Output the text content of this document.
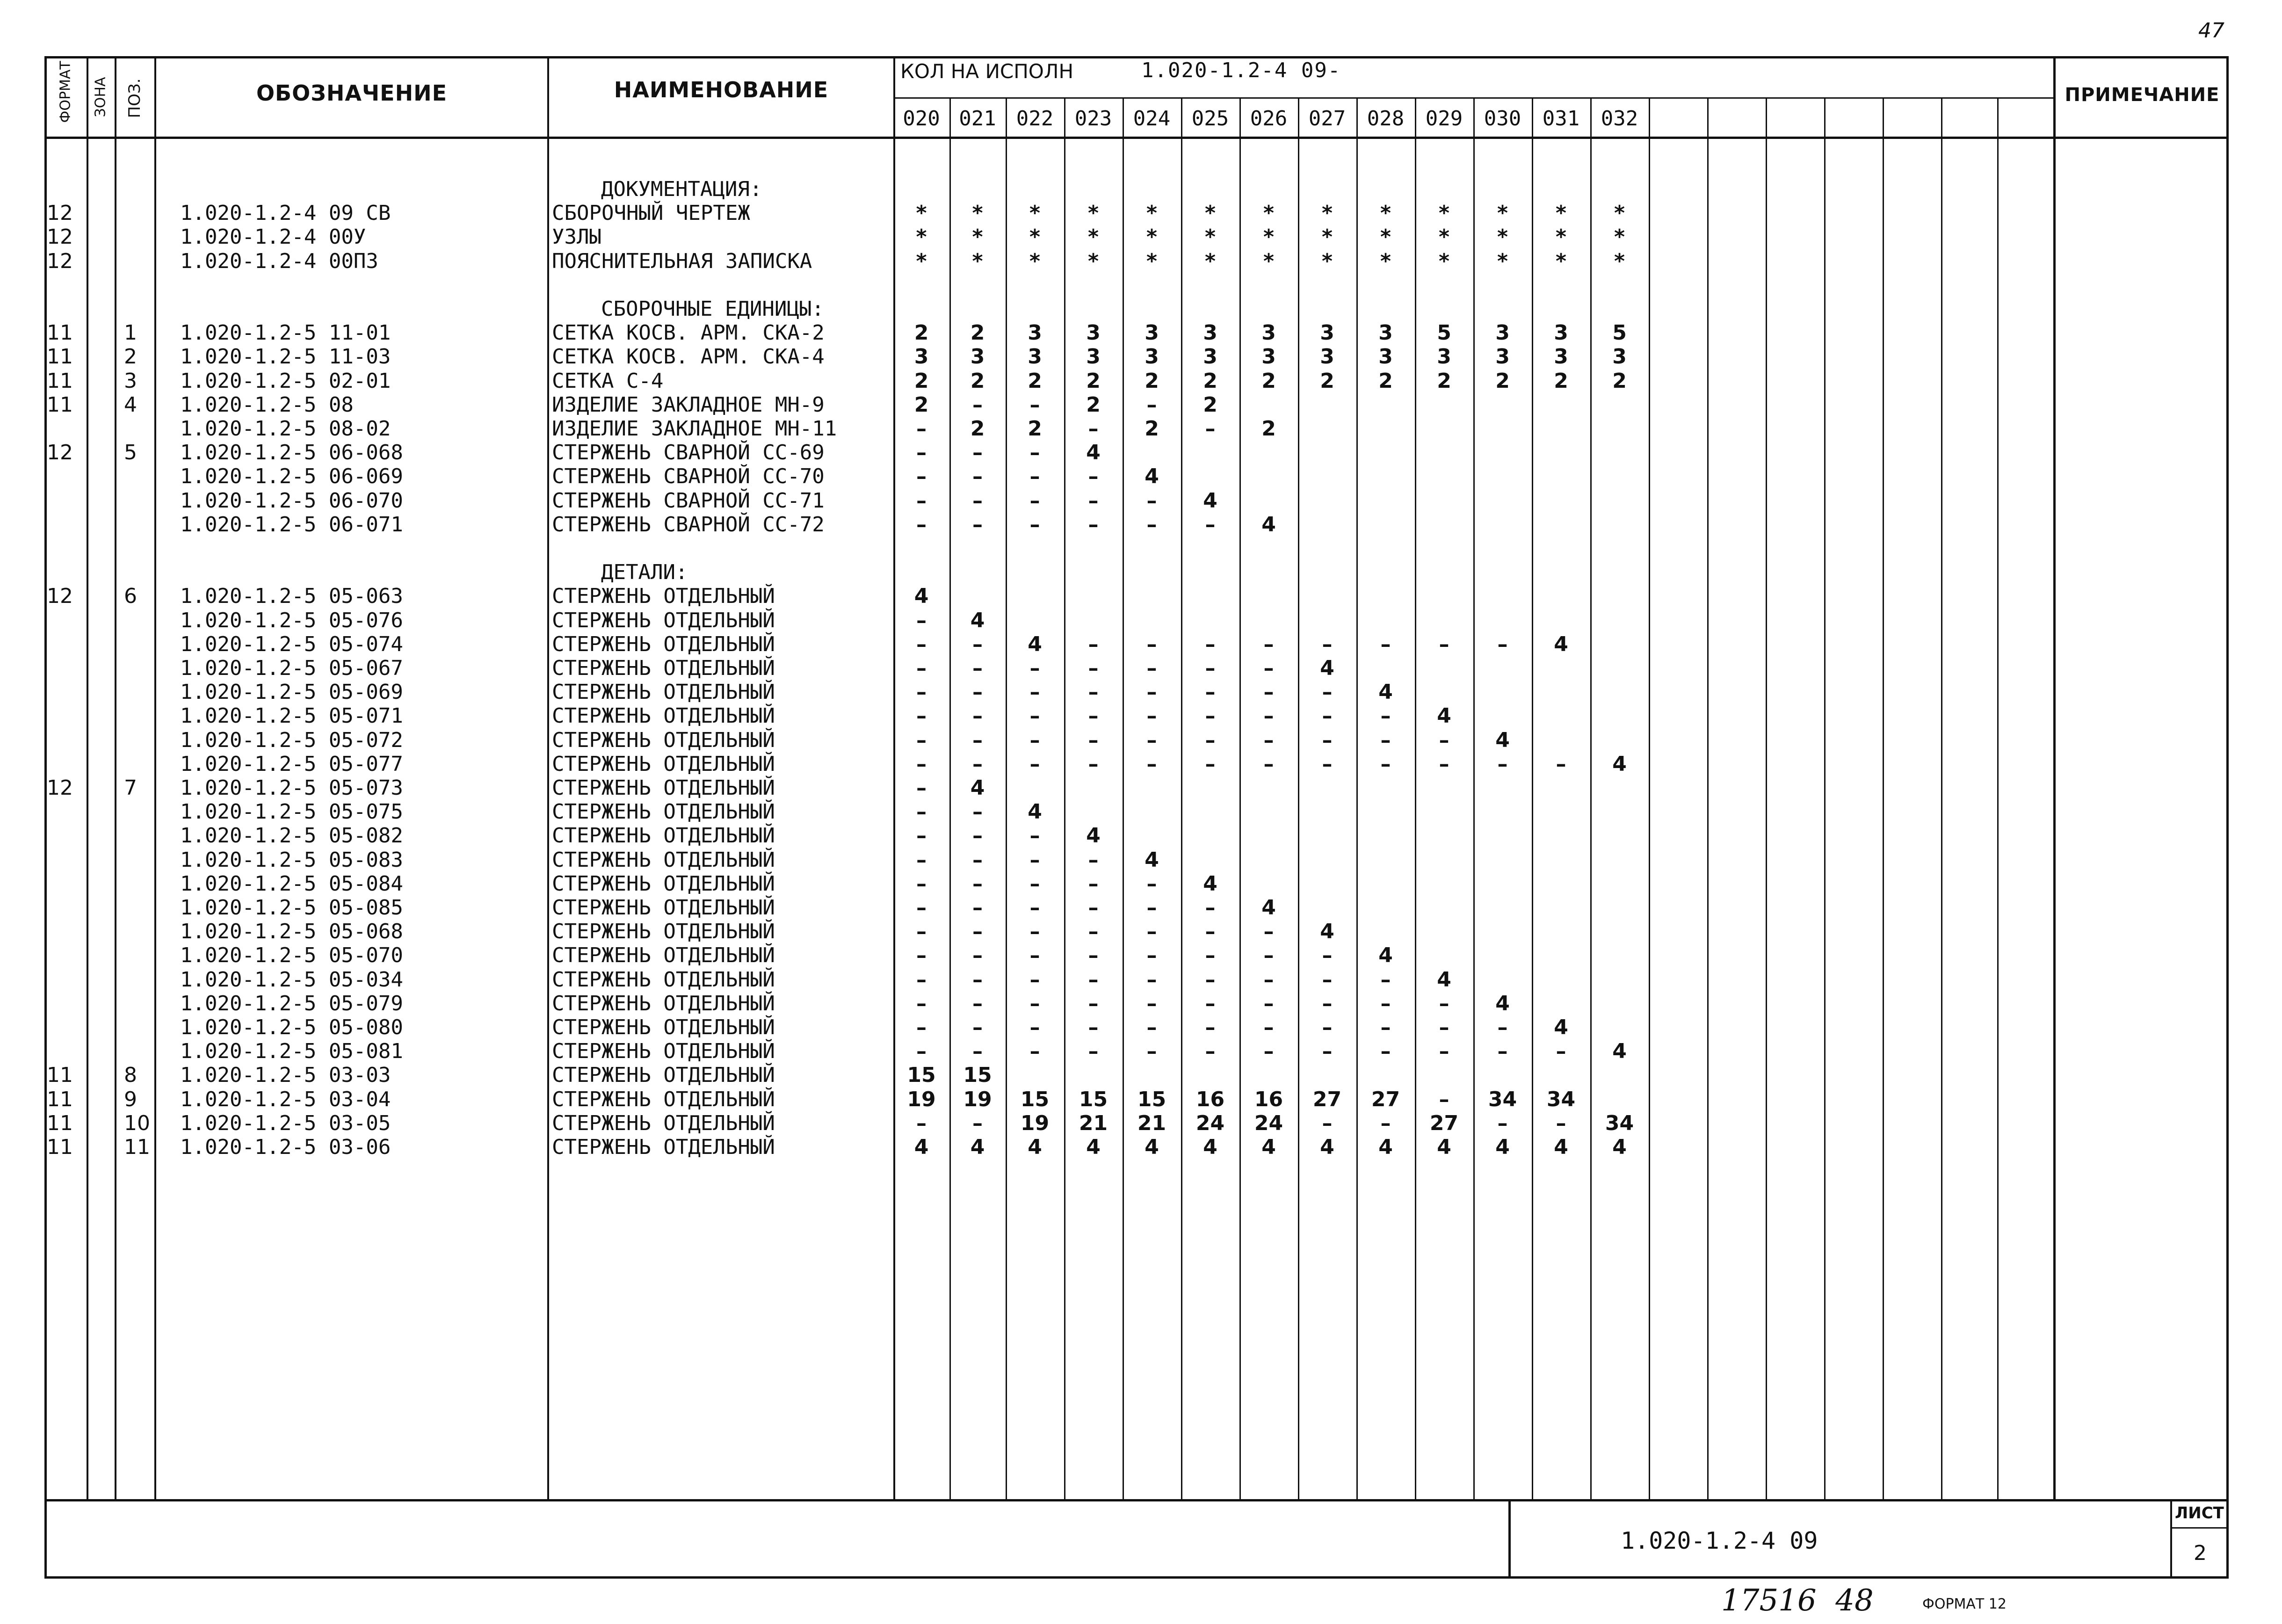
47
ФОРМАТ ЗОНА ПОЗ.	ОБОЗНАЧЕНИЕ	НАИМЕНОВАНИЕ
КОЛ НА ИСПОЛН	1.020-1.2-4 09-
ПРИМЕЧАНИЕ
020 021 022	023	024	025	026	027	028	029	030	031	032
ДОКУМЕНТАЦИЯ:
12	1.020-1.2-4 09 СВ	СБОРОЧНЫЙ ЧЕРТЕЖ	*	*	*	*	*	*	*	*	*	*	*	*	*
12	1.020-1.2-4 00У	УЗЛЫ	*	*	*	*	*	*	*	*	*	*	*	*	*
12	1.020-1.2-4 00ПЗ	ПОЯСНИТЕЛЬНАЯ ЗАПИСКА	*	*	*	*	*	*	*	*	*	*	*	*	*
СБОРОЧНЫЕ ЕДИНИЦЫ:
11 1 1.020-1.2-5 11-01	СЕТКА КОСВ. АРМ. СКА-2	2	2	3	3	3	3	3	3	3	5	3	3	5
11 2 1.020-1.2-5 11-03	СЕТКА КОСВ. АРМ. СКА-4	3	3	3	3	3	3	3	3	3	3	3	3	3
11 3 1.020-1.2-5 02-01	СЕТКА С-4	2	2	2	2	2	2	2	2	2	2	2	2	2
11 4 1.020-1.2-5 08	ИЗДЕЛИЕ ЗАКЛАДНОЕ МН-9	2	–	–	2	–	2
1.020-1.2-5 08-02	ИЗДЕЛИЕ ЗАКЛАДНОЕ МН-11	–	2	2	–	2	–	2
12 5 1.020-1.2-5 06-068	СТЕРЖЕНЬ СВАРНОЙ СС-69	–	–	–	4
1.020-1.2-5 06-069	СТЕРЖЕНЬ СВАРНОЙ СС-70	–	–	–	–	4
1.020-1.2-5 06-070	СТЕРЖЕНЬ СВАРНОЙ СС-71	–	–	–	–	–	4
1.020-1.2-5 06-071	СТЕРЖЕНЬ СВАРНОЙ СС-72	–	–	–	–	–	–	4
ДЕТАЛИ:
12 6 1.020-1.2-5 05-063	СТЕРЖЕНЬ ОТДЕЛЬНЫЙ	4
1.020-1.2-5 05-076	СТЕРЖЕНЬ ОТДЕЛЬНЫЙ	–	4
1.020-1.2-5 05-074	СТЕРЖЕНЬ ОТДЕЛЬНЫЙ	–	–	4	–	–	–	–	–	–	–	–	4
1.020-1.2-5 05-067	СТЕРЖЕНЬ ОТДЕЛЬНЫЙ	–	–	–	–	–	–	–	4
1.020-1.2-5 05-069	СТЕРЖЕНЬ ОТДЕЛЬНЫЙ	–	–	–	–	–	–	–	–	4
1.020-1.2-5 05-071	СТЕРЖЕНЬ ОТДЕЛЬНЫЙ	–	–	–	–	–	–	–	–	–	4
1.020-1.2-5 05-072	СТЕРЖЕНЬ ОТДЕЛЬНЫЙ	–	–	–	–	–	–	–	–	–	–	4
1.020-1.2-5 05-077	СТЕРЖЕНЬ ОТДЕЛЬНЫЙ	–	–	–	–	–	–	–	–	–	–	–	–	4
12 7 1.020-1.2-5 05-073	СТЕРЖЕНЬ ОТДЕЛЬНЫЙ	–	4
1.020-1.2-5 05-075	СТЕРЖЕНЬ ОТДЕЛЬНЫЙ	–	–	4
1.020-1.2-5 05-082	СТЕРЖЕНЬ ОТДЕЛЬНЫЙ	–	–	–	4
1.020-1.2-5 05-083	СТЕРЖЕНЬ ОТДЕЛЬНЫЙ	–	–	–	–	4
1.020-1.2-5 05-084	СТЕРЖЕНЬ ОТДЕЛЬНЫЙ	–	–	–	–	–	4
1.020-1.2-5 05-085	СТЕРЖЕНЬ ОТДЕЛЬНЫЙ	–	–	–	–	–	–	4
1.020-1.2-5 05-068	СТЕРЖЕНЬ ОТДЕЛЬНЫЙ	–	–	–	–	–	–	–	4
1.020-1.2-5 05-070	СТЕРЖЕНЬ ОТДЕЛЬНЫЙ	–	–	–	–	–	–	–	–	4
1.020-1.2-5 05-034	СТЕРЖЕНЬ ОТДЕЛЬНЫЙ	–	–	–	–	–	–	–	–	–	4
1.020-1.2-5 05-079	СТЕРЖЕНЬ ОТДЕЛЬНЫЙ	–	–	–	–	–	–	–	–	–	–	4
1.020-1.2-5 05-080	СТЕРЖЕНЬ ОТДЕЛЬНЫЙ	–	–	–	–	–	–	–	–	–	–	–	4
1.020-1.2-5 05-081	СТЕРЖЕНЬ ОТДЕЛЬНЫЙ	–	–	–	–	–	–	–	–	–	–	–	–	4
11 8 1.020-1.2-5 03-03	СТЕРЖЕНЬ ОТДЕЛЬНЫЙ	15	15
11 9 1.020-1.2-5 03-04	СТЕРЖЕНЬ ОТДЕЛЬНЫЙ	19	19	15	15	15	16	16	27	27	–	34	34
11 10 1.020-1.2-5 03-05	СТЕРЖЕНЬ ОТДЕЛЬНЫЙ	–	–	19	21	21	24	24	–	–	27	–	–	34
11 11 1.020-1.2-5 03-06	СТЕРЖЕНЬ ОТДЕЛЬНЫЙ	4	4	4	4	4	4	4	4	4	4	4	4	4
1.020-1.2-4 09
ЛИСТ
2
17516  48	ФОРМАТ 12
